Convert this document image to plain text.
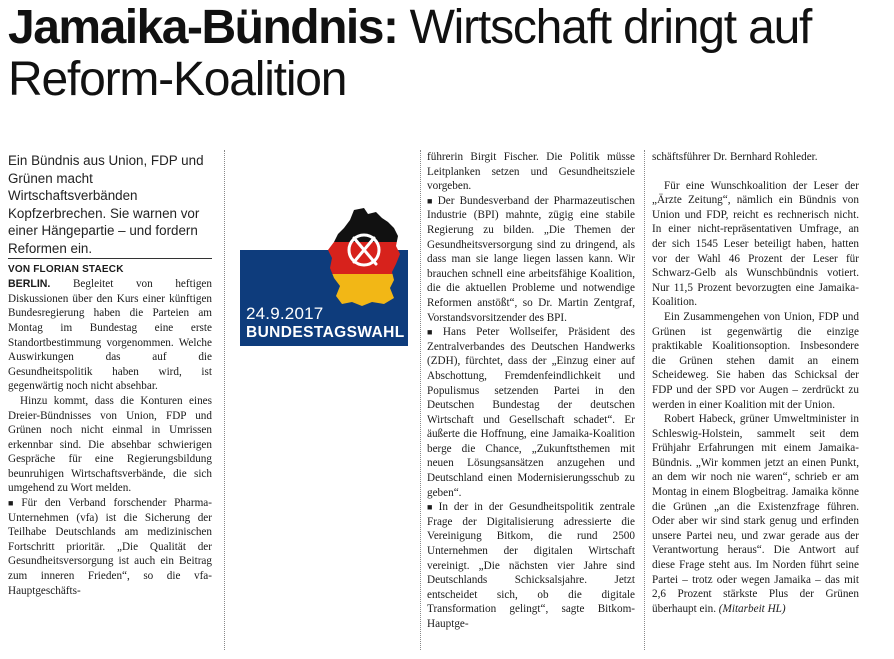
Jamaika-Bündnis: Wirtschaft dringt auf Reform-Koalition

Ein Bündnis aus Union, FDP und Grünen macht Wirtschaftsverbänden Kopfzerbrechen. Sie warnen vor einer Hängepartie – und fordern Reformen ein.

VON FLORIAN STAECK

BERLIN. Begleitet von heftigen Diskussionen über den Kurs einer künftigen Bundesregierung haben die Parteien am Montag im Bundestag eine erste Standortbestimmung vorgenommen. Welche Auswirkungen das auf die Gesundheitspolitik haben wird, ist gegenwärtig noch nicht absehbar.

Hinzu kommt, dass die Konturen eines Dreier-Bündnisses von Union, FDP und Grünen noch nicht einmal in Umrissen erkennbar sind. Die absehbar schwierigen Gespräche für eine Regierungsbildung beunruhigen Wirtschaftsverbände, die sich umgehend zu Wort melden.

■ Für den Verband forschender Pharma-Unternehmen (vfa) ist die Sicherung der Teilhabe Deutschlands am medizinischen Fortschritt prioritär. „Die Qualität der Gesundheitsversorgung ist auch ein Beitrag zum inneren Frieden“, so die vfa-Hauptgeschäfts-

24.9.2017
BUNDESTAGSWAHL

führerin Birgit Fischer. Die Politik müsse Leitplanken setzen und Gesundheitsziele vorgeben.

■ Der Bundesverband der Pharmazeutischen Industrie (BPI) mahnte, zügig eine stabile Regierung zu bilden. „Die Themen der Gesundheitsversorgung sind zu dringend, als dass man sie lange liegen lassen kann. Wir brauchen schnell eine arbeitsfähige Koalition, die die aktuellen Probleme und notwendige Reformen anstößt“, so Dr. Martin Zentgraf, Vorstandsvorsitzender des BPI.

■ Hans Peter Wollseifer, Präsident des Zentralverbandes des Deutschen Handwerks (ZDH), fürchtet, dass der „Einzug einer auf Abschottung, Fremdenfeindlichkeit und Populismus setzenden Partei in den Deutschen Bundestag der deutschen Wirtschaft und Gesellschaft schadet“. Er äußerte die Hoffnung, eine Jamaika-Koalition berge die Chance, „Zukunftsthemen mit neuen Lösungsansätzen anzugehen und Deutschland einen Modernisierungsschub zu geben“.

■ In der in der Gesundheitspolitik zentrale Frage der Digitalisierung adressierte die Vereinigung Bitkom, die rund 2500 Unternehmen der digitalen Wirtschaft vereinigt. „Die nächsten vier Jahre sind Deutschlands Schicksalsjahre. Jetzt entscheidet sich, ob die digitale Transformation gelingt“, sagte Bitkom-Hauptge-

schäftsführer Dr. Bernhard Rohleder.

Für eine Wunschkoalition der Leser der „Ärzte Zeitung“, nämlich ein Bündnis von Union und FDP, reicht es rechnerisch nicht. In einer nicht-repräsentativen Umfrage, an der sich 1545 Leser beteiligt haben, hatten vor der Wahl 46 Prozent der Leser für Schwarz-Gelb als Wunschbündnis votiert. Nur 11,5 Prozent bevorzugten eine Jamaika-Koalition.

Ein Zusammengehen von Union, FDP und Grünen ist gegenwärtig die einzige praktikable Koalitionsoption. Insbesondere die Grünen stehen damit an einem Scheideweg. Sie haben das Schicksal der FDP und der SPD vor Augen – zerdrückt zu werden in einer Koalition mit der Union.

Robert Habeck, grüner Umweltminister in Schleswig-Holstein, sammelt seit dem Frühjahr Erfahrungen mit einem Jamaika-Bündnis. „Wir kommen jetzt an einen Punkt, an dem wir noch nie waren“, schrieb er am Montag in einem Blogbeitrag. Jamaika könne die Grünen „an die Existenzfrage führen. Oder aber wir sind stark genug und erfinden unsere Partei neu, und zwar gerade aus der Verantwortung heraus“. Die Antwort auf diese Frage steht aus. Im Norden führt seine Partei – trotz oder wegen Jamaika – das mit 2,6 Prozent stärkste Plus der Grünen überhaupt ein. (Mitarbeit HL)
